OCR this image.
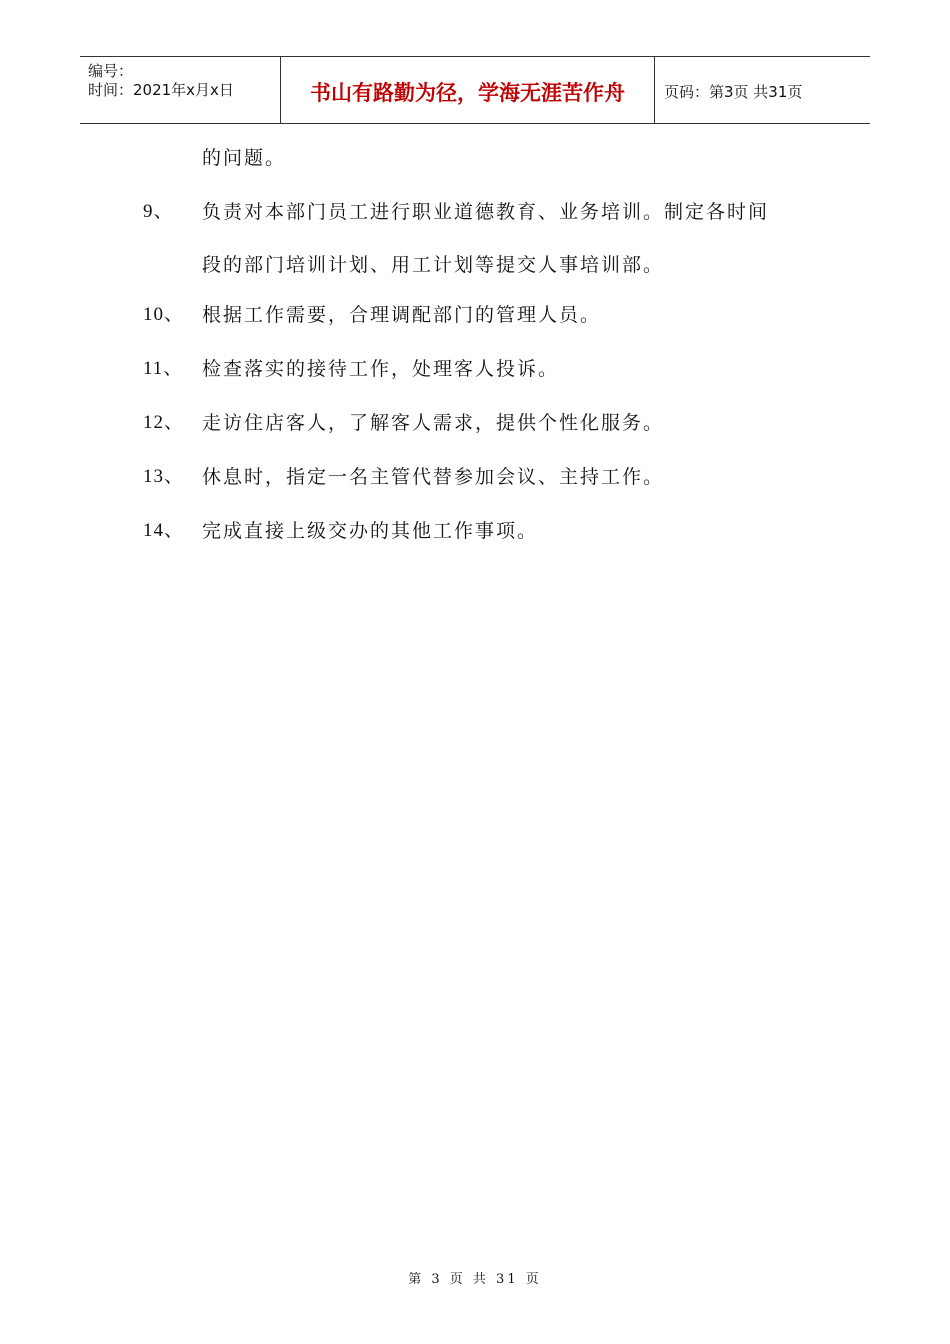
编号：
时间：2021年x月x日	书山有路勤为径，学海无涯苦作舟	页码：第3页 共31页
的问题。
9、 负责对本部门员工进行职业道德教育、业务培训。制定各时间
段的部门培训计划、用工计划等提交人事培训部。
10、 根据工作需要，合理调配部门的管理人员。
11、 检查落实的接待工作，处理客人投诉。
12、 走访住店客人，了解客人需求，提供个性化服务。
13、 休息时，指定一名主管代替参加会议、主持工作。
14、 完成直接上级交办的其他工作事项。
第 3 页 共 31 页
